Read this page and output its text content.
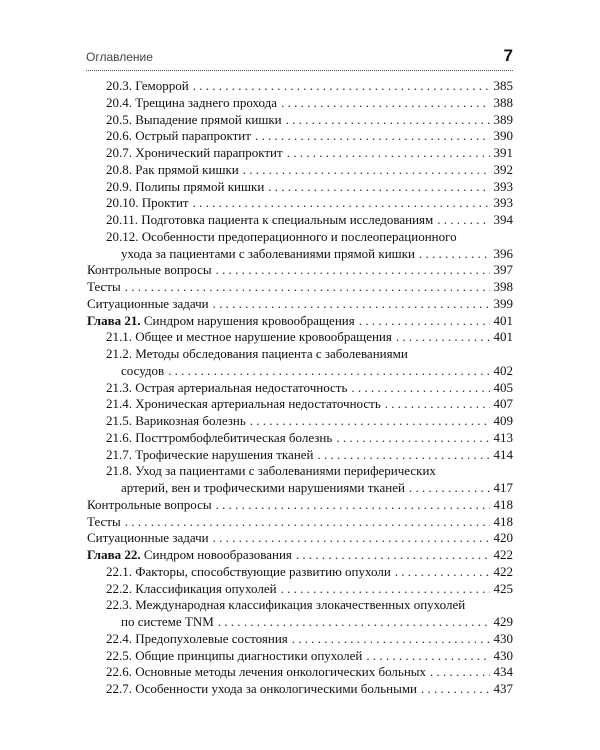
Оглавление	7
20.3. Геморрой . . .	385
20.4. Трещина заднего прохода . . .	388
20.5. Выпадение прямой кишки . . .	389
20.6. Острый парапроктит . . .	390
20.7. Хронический парапроктит . . .	391
20.8. Рак прямой кишки . . .	392
20.9. Полипы прямой кишки . . .	393
20.10. Проктит . . .	393
20.11. Подготовка пациента к специальным исследованиям . . .	394
20.12. Особенности предоперационного и послеоперационного
ухода за пациентами с заболеваниями прямой кишки . . .	396
Контрольные вопросы . . .	397
Тесты . . .	398
Ситуационные задачи . . .	399
Глава 21. Синдром нарушения кровообращения . . .	401
21.1. Общее и местное нарушение кровообращения . . .	401
21.2. Методы обследования пациента с заболеваниями
сосудов . . .	402
21.3. Острая артериальная недостаточность . . .	405
21.4. Хроническая артериальная недостаточность . . .	407
21.5. Варикозная болезнь . . .	409
21.6. Посттромбофлебитическая болезнь . . .	413
21.7. Трофические нарушения тканей . . .	414
21.8. Уход за пациентами с заболеваниями периферических
артерий, вен и трофическими нарушениями тканей . . .	417
Контрольные вопросы . . .	418
Тесты . . .	418
Ситуационные задачи . . .	420
Глава 22. Синдром новообразования . . .	422
22.1. Факторы, способствующие развитию опухоли . . .	422
22.2. Классификация опухолей . . .	425
22.3. Международная классификация злокачественных опухолей
по системе TNM . . .	429
22.4. Предопухолевые состояния . . .	430
22.5. Общие принципы диагностики опухолей . . .	430
22.6. Основные методы лечения онкологических больных . . .	434
22.7. Особенности ухода за онкологическими больными . . .	437
